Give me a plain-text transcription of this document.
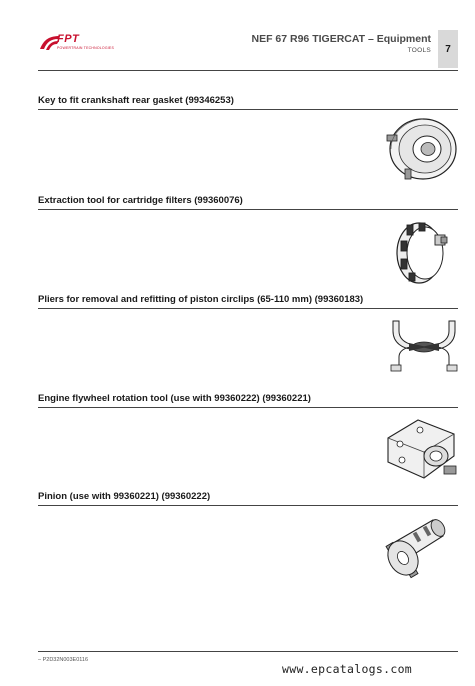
FPT
POWERTRAIN TECHNOLOGIES
NEF 67 R96 TIGERCAT – Equipment
TOOLS	7
Key to fit crankshaft rear gasket (99346253)
Extraction tool for cartridge filters (99360076)
Pliers for removal and refitting of piston circlips (65-110 mm) (99360183)
Engine flywheel rotation tool (use with 99360222) (99360221)
Pinion (use with 99360221) (99360222)
– P2D32N003E0116
www.epcatalogs.com
